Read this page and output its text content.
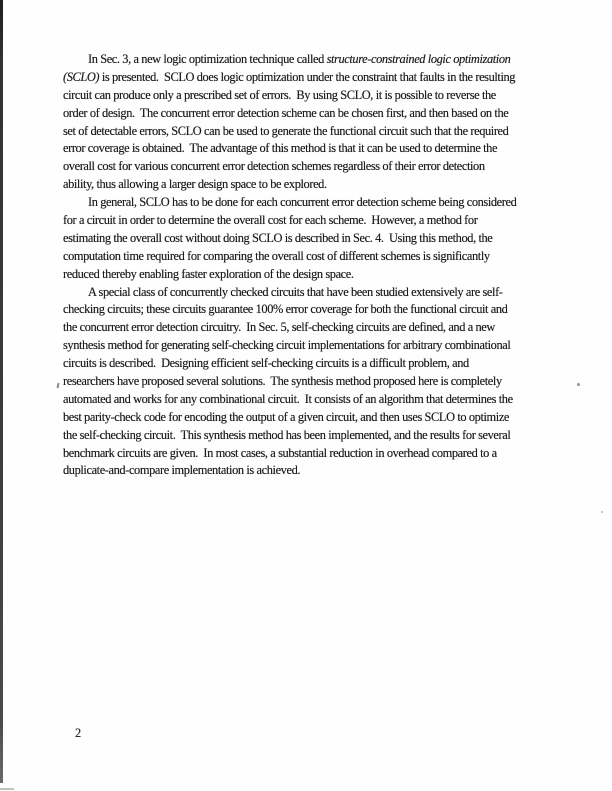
In Sec. 3, a new logic optimization technique called structure-constrained logic optimization
(SCLO) is presented.  SCLO does logic optimization under the constraint that faults in the resulting
circuit can produce only a prescribed set of errors.  By using SCLO, it is possible to reverse the
order of design.  The concurrent error detection scheme can be chosen first, and then based on the
set of detectable errors, SCLO can be used to generate the functional circuit such that the required
error coverage is obtained.  The advantage of this method is that it can be used to determine the
overall cost for various concurrent error detection schemes regardless of their error detection
ability, thus allowing a larger design space to be explored.

In general, SCLO has to be done for each concurrent error detection scheme being considered
for a circuit in order to determine the overall cost for each scheme.  However, a method for
estimating the overall cost without doing SCLO is described in Sec. 4.  Using this method, the
computation time required for comparing the overall cost of different schemes is significantly
reduced thereby enabling faster exploration of the design space.

A special class of concurrently checked circuits that have been studied extensively are self-
checking circuits; these circuits guarantee 100% error coverage for both the functional circuit and
the concurrent error detection circuitry.  In Sec. 5, self-checking circuits are defined, and a new
synthesis method for generating self-checking circuit implementations for arbitrary combinational
circuits is described.  Designing efficient self-checking circuits is a difficult problem, and
researchers have proposed several solutions.  The synthesis method proposed here is completely
automated and works for any combinational circuit.  It consists of an algorithm that determines the
best parity-check code for encoding the output of a given circuit, and then uses SCLO to optimize
the self-checking circuit.  This synthesis method has been implemented, and the results for several
benchmark circuits are given.  In most cases, a substantial reduction in overhead compared to a
duplicate-and-compare implementation is achieved.

2
